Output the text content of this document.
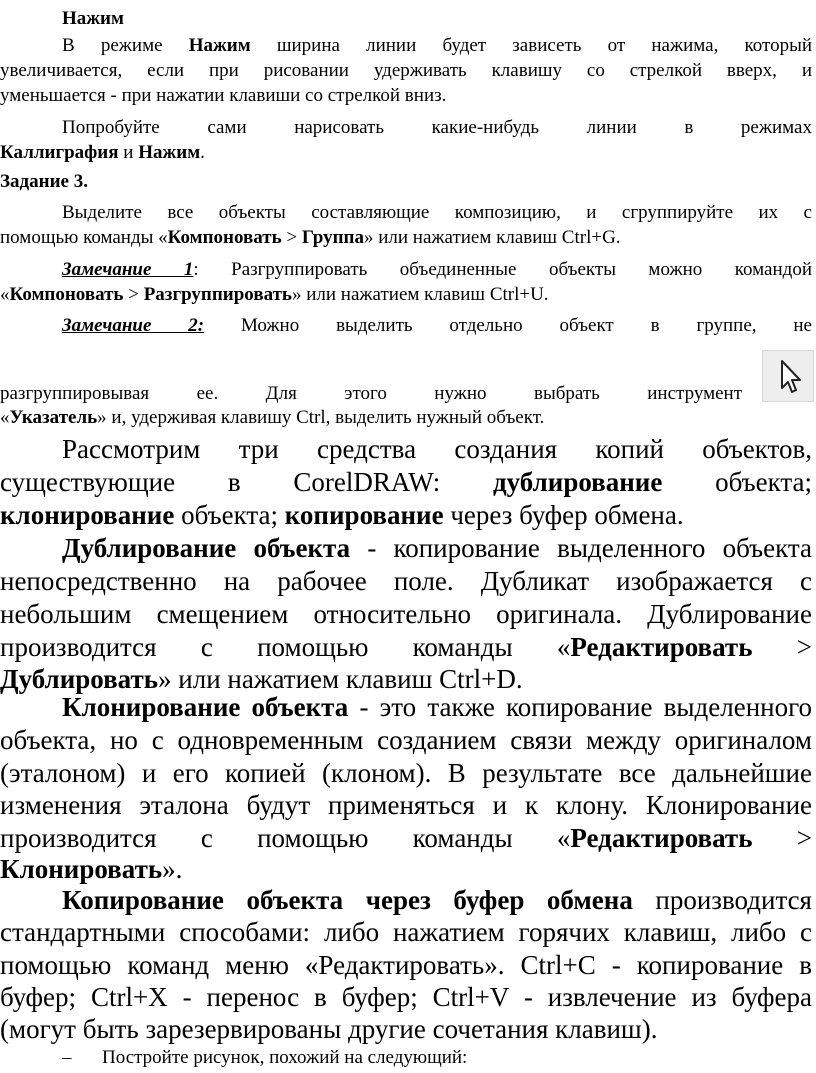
Нажим

В режиме Нажим ширина линии будет зависеть от нажима, который

увеличивается, если при рисовании удерживать клавишу со стрелкой вверх, и

уменьшается - при нажатии клавиши со стрелкой вниз.

Попробуйте сами нарисовать какие-нибудь линии в режимах

Каллиграфия и Нажим.

Задание 3.

Выделите все объекты составляющие композицию, и сгруппируйте их с

помощью команды «Компоновать > Группа» или нажатием клавиш Ctrl+G.

Замечание 1: Разгруппировать объединенные объекты можно командой

«Компоновать > Разгруппировать» или нажатием клавиш Ctrl+U.

Замечание 2: Можно выделить отдельно объект в группе, не

разгруппировывая ее. Для этого нужно выбрать инструмент

«Указатель» и, удерживая клавишу Ctrl, выделить нужный объект.

Рассмотрим три средства создания копий объектов,

существующие в CorelDRAW: дублирование объекта;

клонирование объекта; копирование через буфер обмена.

Дублирование объекта - копирование выделенного объекта

непосредственно на рабочее поле. Дубликат изображается с

небольшим смещением относительно оригинала. Дублирование

производится с помощью команды «Редактировать >

Дублировать» или нажатием клавиш Ctrl+D.

Клонирование объекта - это также копирование выделенного

объекта, но с одновременным созданием связи между оригиналом

(эталоном) и его копией (клоном). В результате все дальнейшие

изменения эталона будут применяться и к клону. Клонирование

производится с помощью команды «Редактировать >

Клонировать».

Копирование объекта через буфер обмена производится

стандартными способами: либо нажатием горячих клавиш, либо с

помощью команд меню «Редактировать». Ctrl+C - копирование в

буфер; Ctrl+X - перенос в буфер; Ctrl+V - извлечение из буфера

(могут быть зарезервированы другие сочетания клавиш).

– Постройте рисунок, похожий на следующий:
